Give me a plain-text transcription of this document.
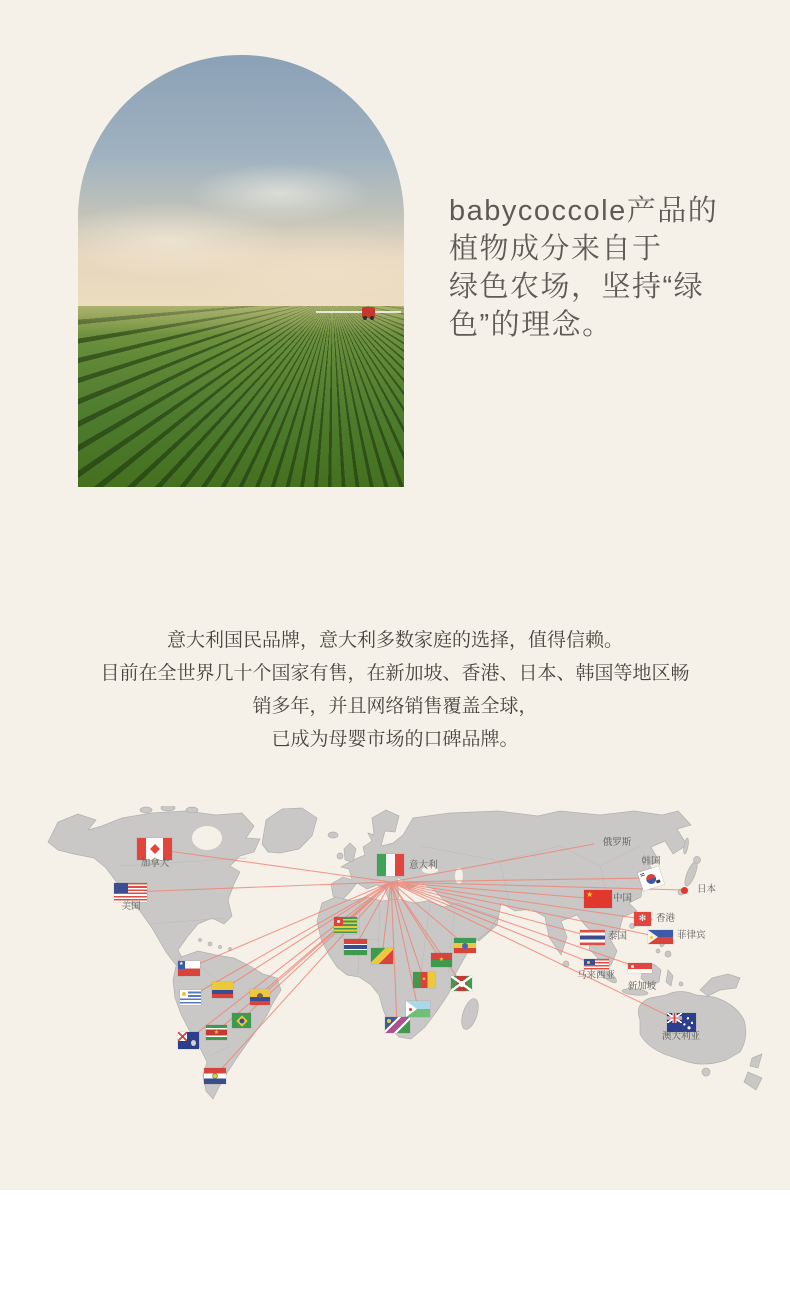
babycoccole产品的
植物成分来自于
绿色农场，坚持“绿
色”的理念。
意大利国民品牌，意大利多数家庭的选择，值得信赖。
目前在全世界几十个国家有售，在新加坡、香港、日本、韩国等地区畅
销多年，并且网络销售覆盖全球，
已成为母婴市场的口碑品牌。
★
✻
★
★
★
★
意大利
加拿大
美国
俄罗斯
韩国
日本
中国
香港
泰国	菲律宾
马来西亚
新加坡
澳大利亚
